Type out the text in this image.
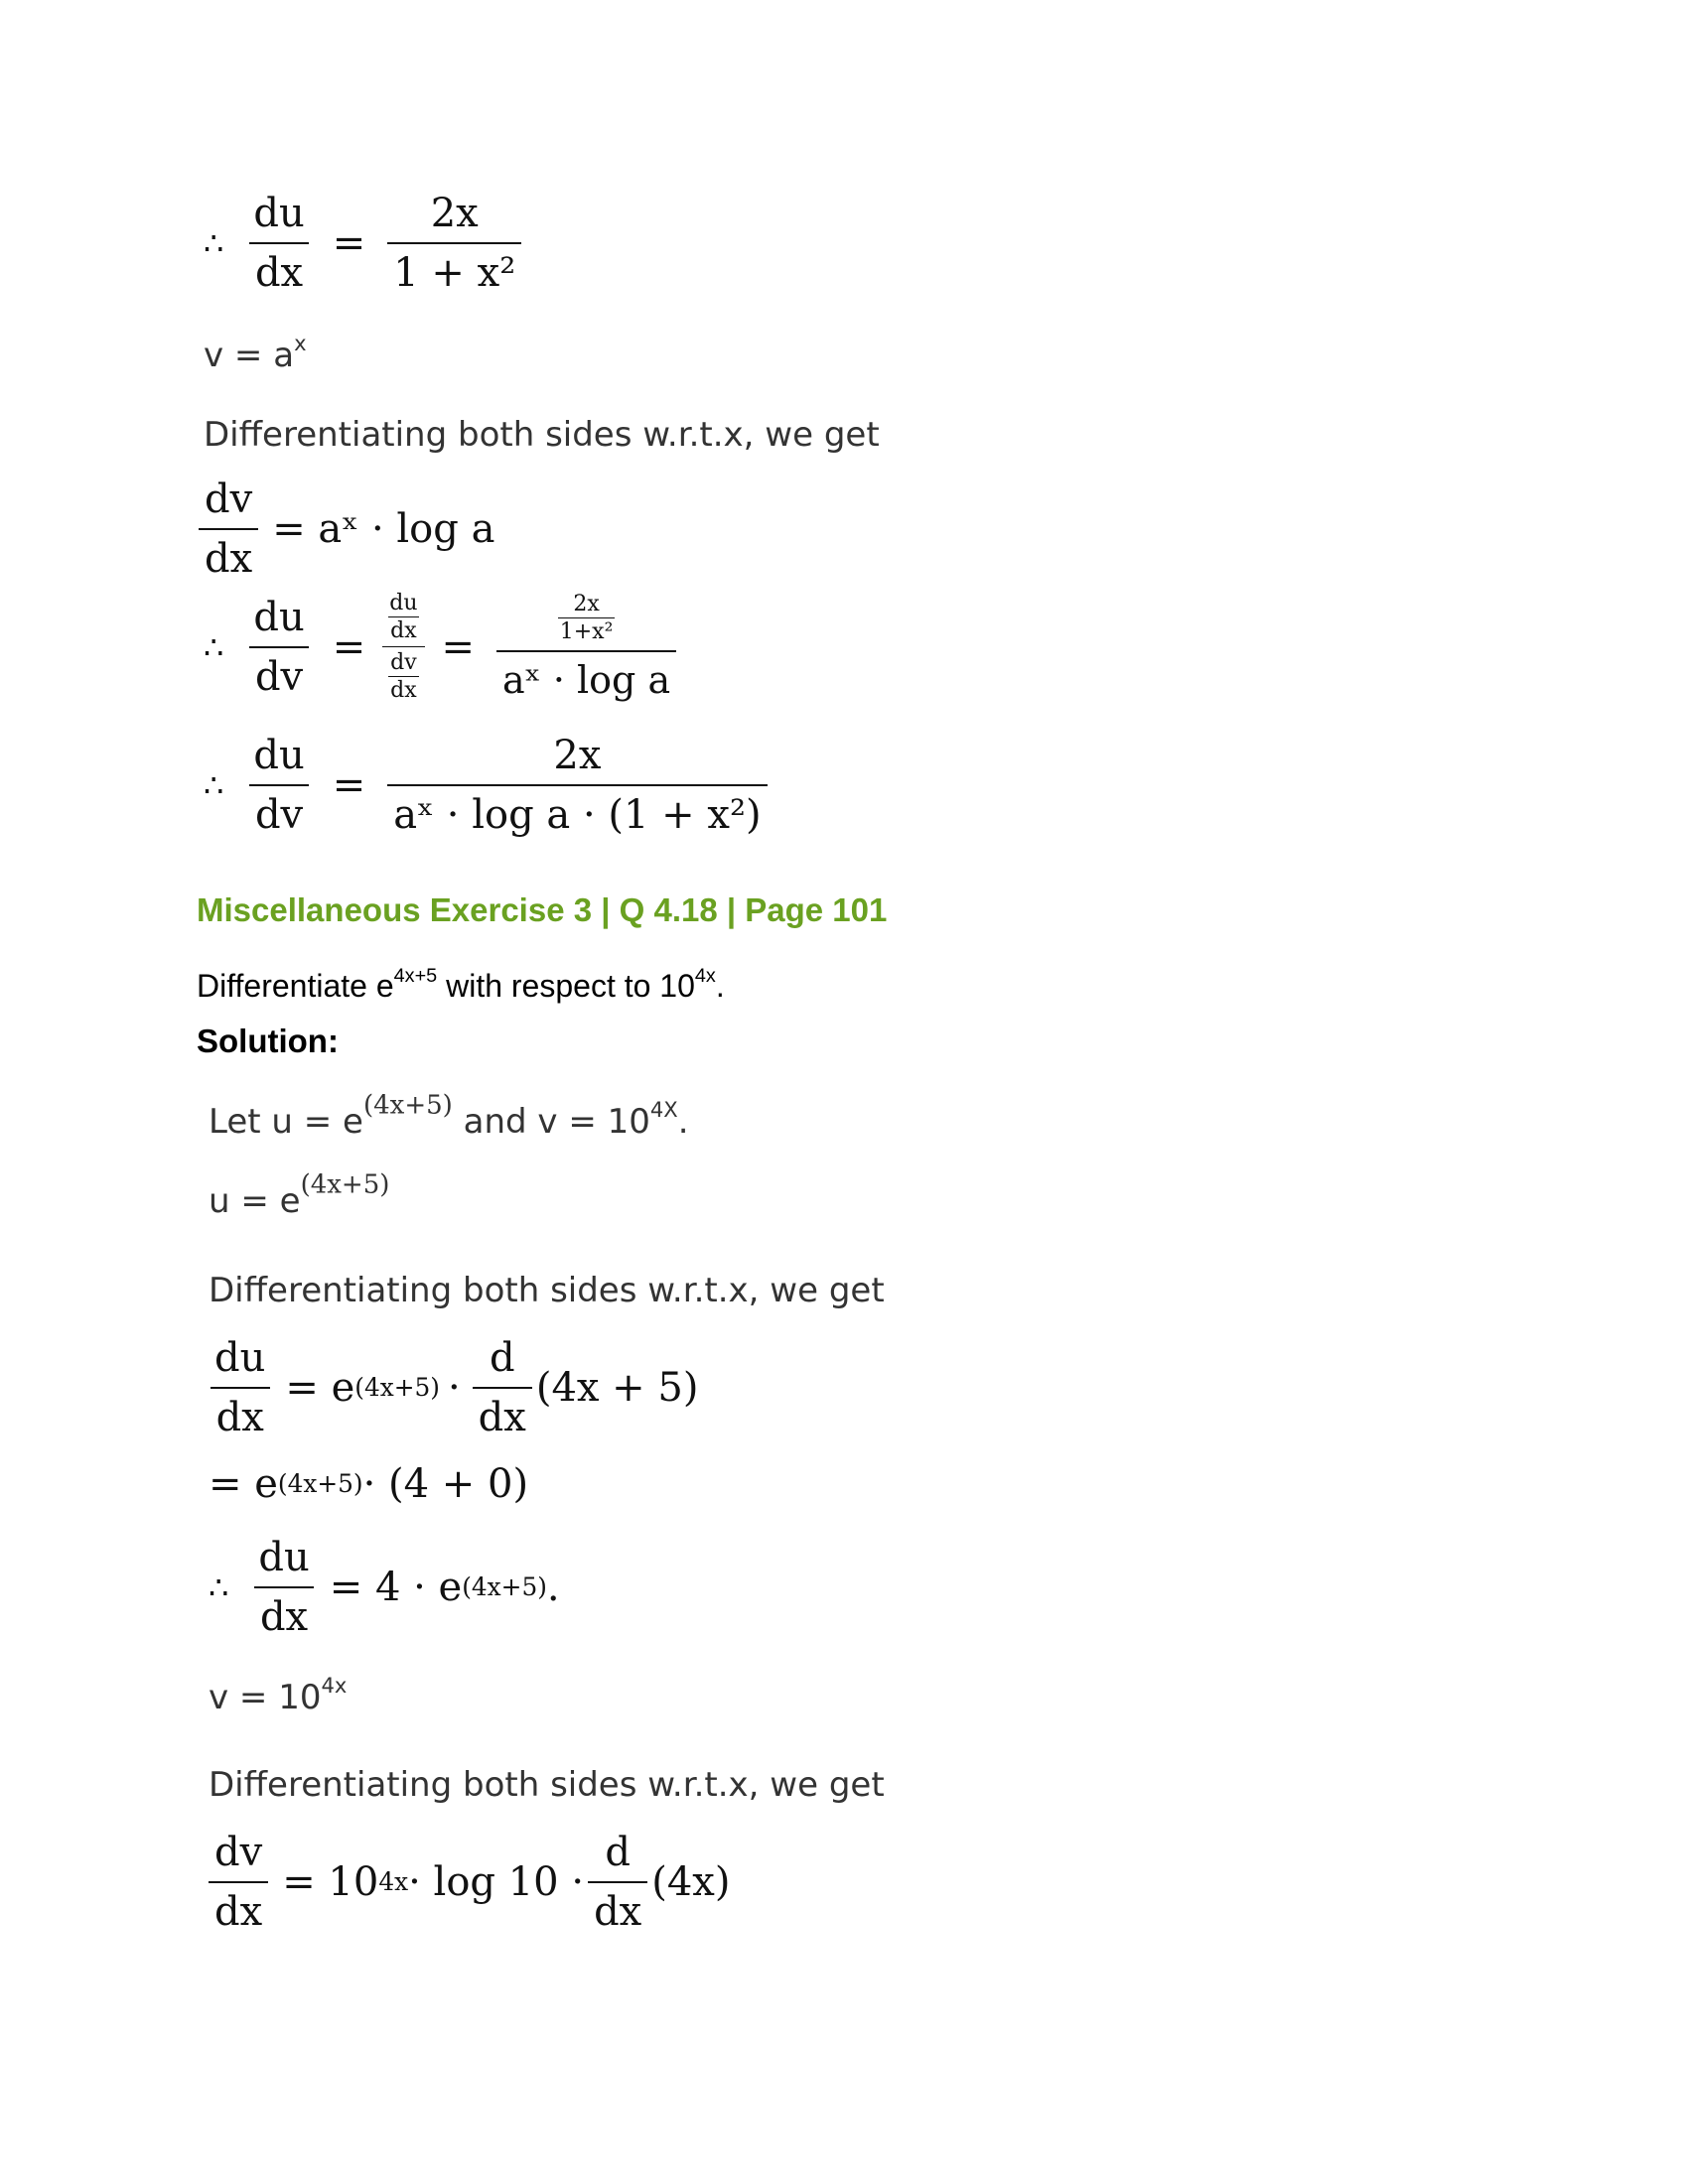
∴ $\frac{du}{dx} = \frac{2x}{\text{1 + x²}}$
$v = a^x$
Differentiating both sides w.r.t.x, we get
$\frac{dv}{dx}$ = aˣ · log a
∴ $\frac{du}{dv} = \frac{\frac{du}{dx}}{\frac{dv}{dx}} = \frac{\frac{2x}{\text{1+x²}}}{\text{aˣ · log a}}$
∴ $\frac{du}{dv} = \frac{2x}{\text{aˣ · log a · (1 + x²)}}$
Miscellaneous Exercise 3 | Q 4.18 | Page 101
Differentiate $e^{4x+5}$ with respect to $10^{4x}$.
Solution:
Let $u = e^{(4x+5)}$ and $v = 10^{4X}$.
$u = e^{(4x+5)}$
Differentiating both sides w.r.t.x, we get
$\frac{du}{dx} = e$ $(4x+5) \cdot \frac{d}{dx} (4x + 5)$
= e (4x+5) · (4 + 0)
∴ $\frac{du}{dx} = 4 \cdot e$ (4x+5) .
$v = 10^{4x}$
Differentiating both sides w.r.t.x, we get
$\frac{dv}{dx} = 10$ $4x \cdot \log 10 \cdot \frac{d}{dx} (4x)$
